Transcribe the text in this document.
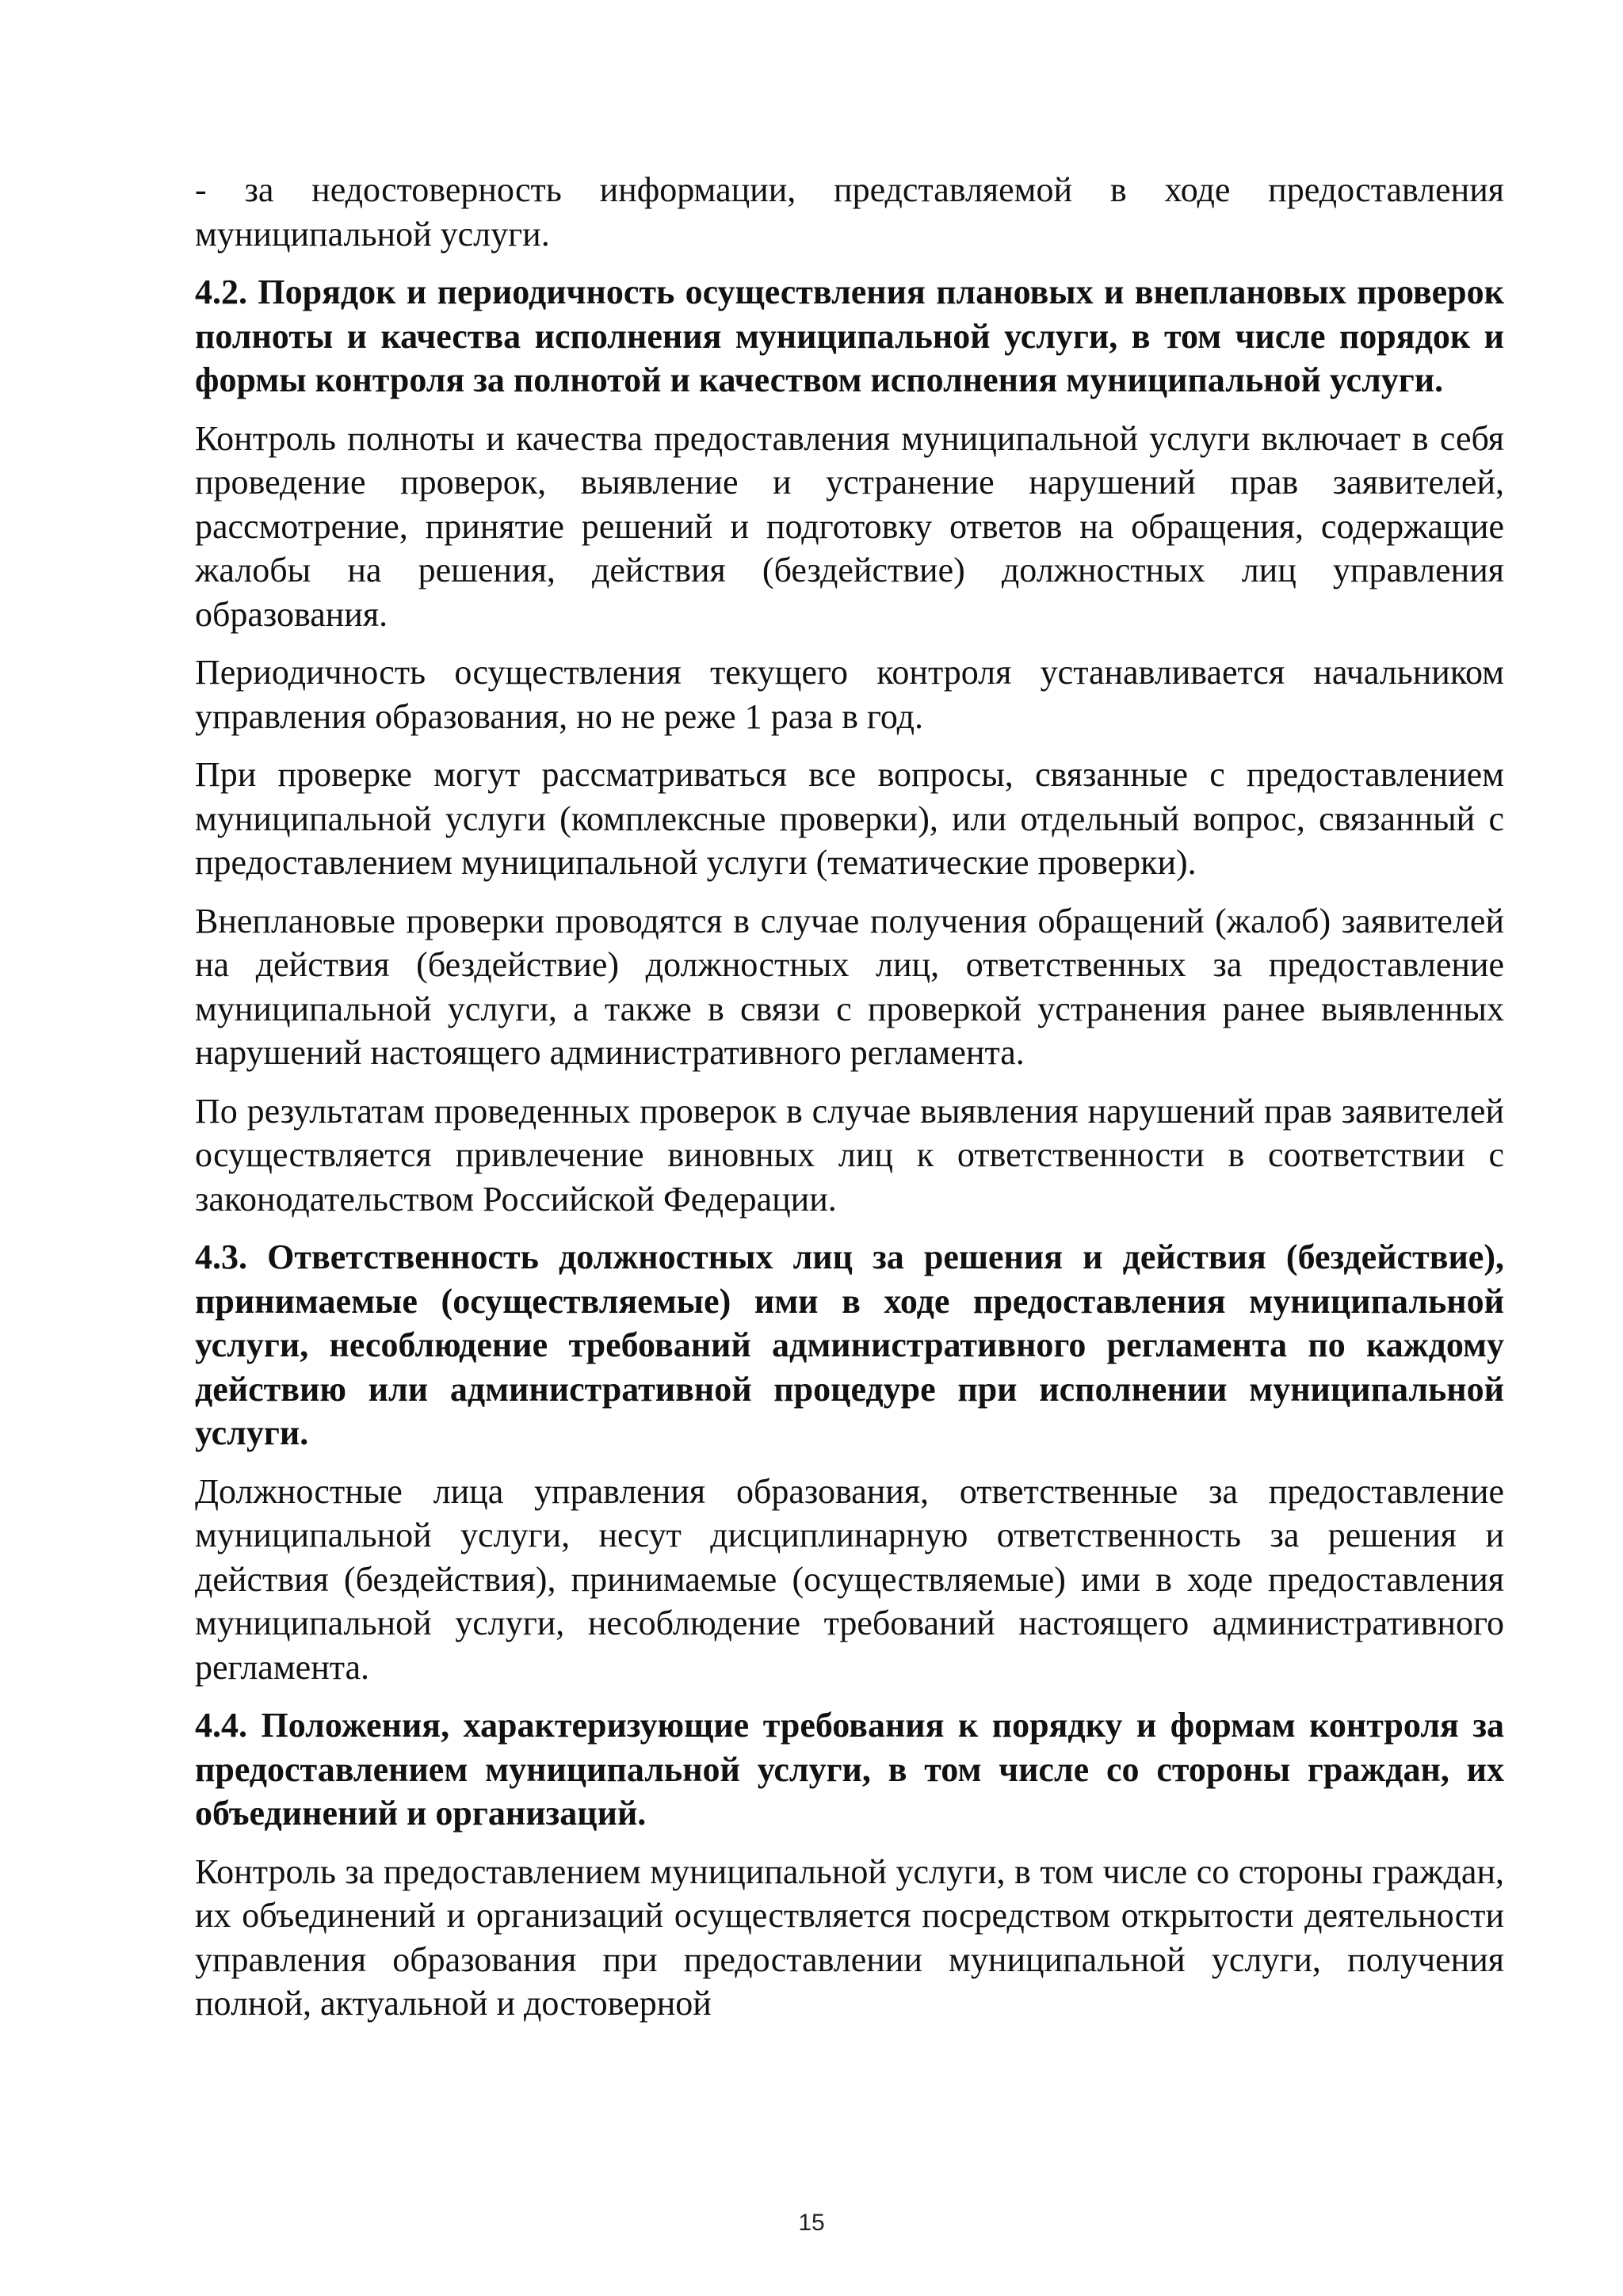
- за недостоверность информации, представляемой в ходе предоставления муниципальной услуги.

4.2. Порядок и периодичность осуществления плановых и внеплановых проверок полноты и качества исполнения муниципальной услуги, в том числе порядок и формы контроля за полнотой и качеством исполнения муниципальной услуги.

Контроль полноты и качества предоставления муниципальной услуги включает в себя проведение проверок, выявление и устранение нарушений прав заявителей, рассмотрение, принятие решений и подготовку ответов на обращения, содержащие жалобы на решения, действия (бездействие) должностных лиц управления образования.

Периодичность осуществления текущего контроля устанавливается начальником управления образования, но не реже 1 раза в год.

При проверке могут рассматриваться все вопросы, связанные с предоставлением муниципальной услуги (комплексные проверки), или отдельный вопрос, связанный с предоставлением муниципальной услуги (тематические проверки).

Внеплановые проверки проводятся в случае получения обращений (жалоб) заявителей на действия (бездействие) должностных лиц, ответственных за предоставление муниципальной услуги, а также в связи с проверкой устранения ранее выявленных нарушений настоящего административного регламента.

По результатам проведенных проверок в случае выявления нарушений прав заявителей осуществляется привлечение виновных лиц к ответственности в соответствии с законодательством Российской Федерации.

4.3. Ответственность должностных лиц за решения и действия (бездействие), принимаемые (осуществляемые) ими в ходе предоставления муниципальной услуги, несоблюдение требований административного регламента по каждому действию или административной процедуре при исполнении муниципальной услуги.

Должностные лица управления образования, ответственные за предоставление муниципальной услуги, несут дисциплинарную ответственность за решения и действия (бездействия), принимаемые (осуществляемые) ими в ходе предоставления муниципальной услуги, несоблюдение требований настоящего административного регламента.

4.4. Положения, характеризующие требования к порядку и формам контроля за предоставлением муниципальной услуги, в том числе со стороны граждан, их объединений и организаций.

Контроль за предоставлением муниципальной услуги, в том числе со стороны граждан, их объединений и организаций осуществляется посредством открытости деятельности управления образования при предоставлении муниципальной услуги, получения полной, актуальной и достоверной

15
